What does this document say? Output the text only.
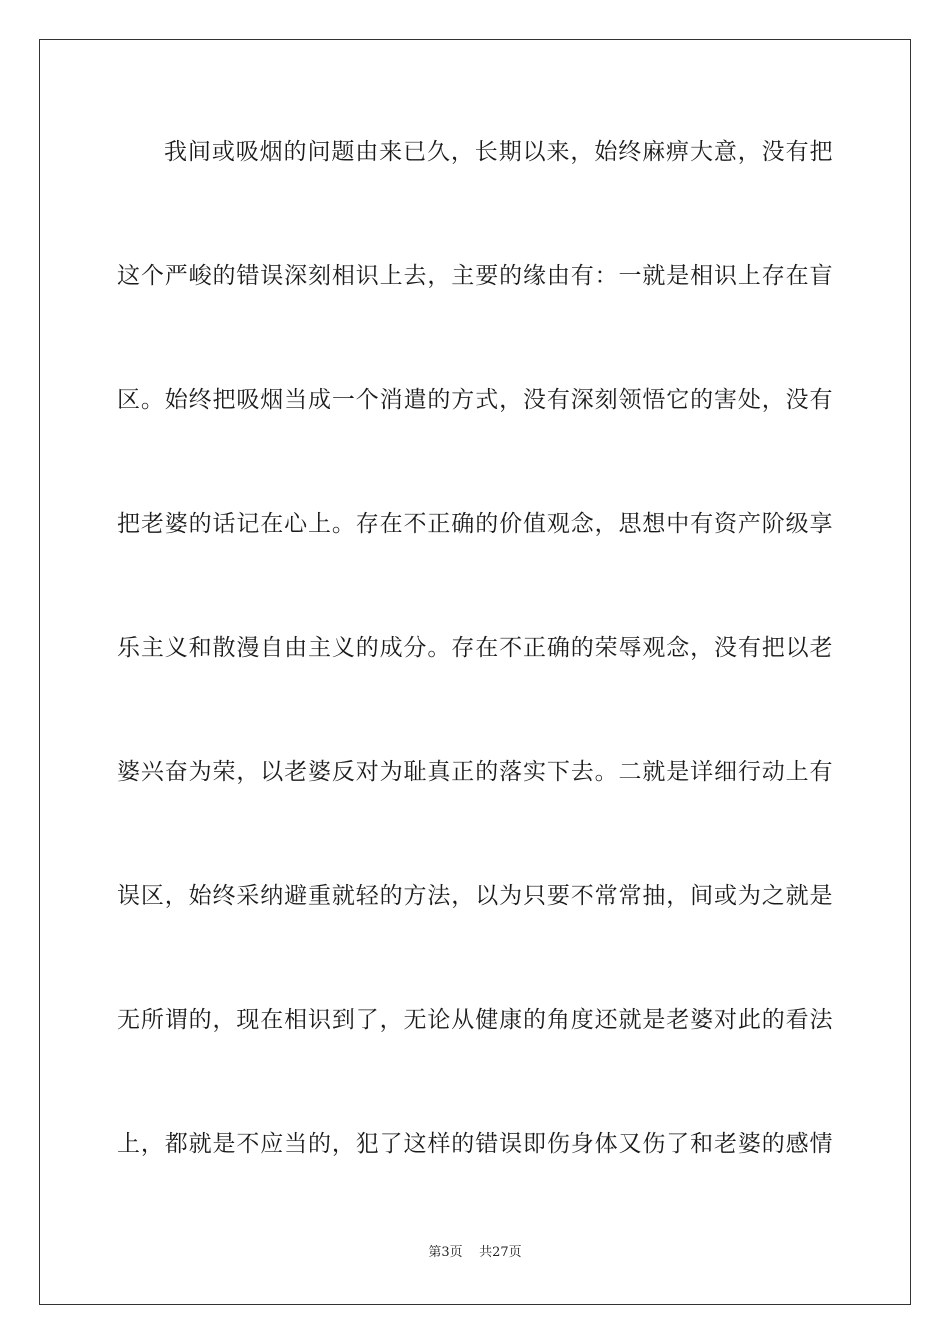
我间或吸烟的问题由来已久，长期以来，始终麻痹大意，没有把
这个严峻的错误深刻相识上去，主要的缘由有：一就是相识上存在盲
区。始终把吸烟当成一个消遣的方式，没有深刻领悟它的害处，没有
把老婆的话记在心上。存在不正确的价值观念，思想中有资产阶级享
乐主义和散漫自由主义的成分。存在不正确的荣辱观念，没有把以老
婆兴奋为荣，以老婆反对为耻真正的落实下去。二就是详细行动上有
误区，始终采纳避重就轻的方法，以为只要不常常抽，间或为之就是
无所谓的，现在相识到了，无论从健康的角度还就是老婆对此的看法
上，都就是不应当的，犯了这样的错误即伤身体又伤了和老婆的感情
第3页 共27页
